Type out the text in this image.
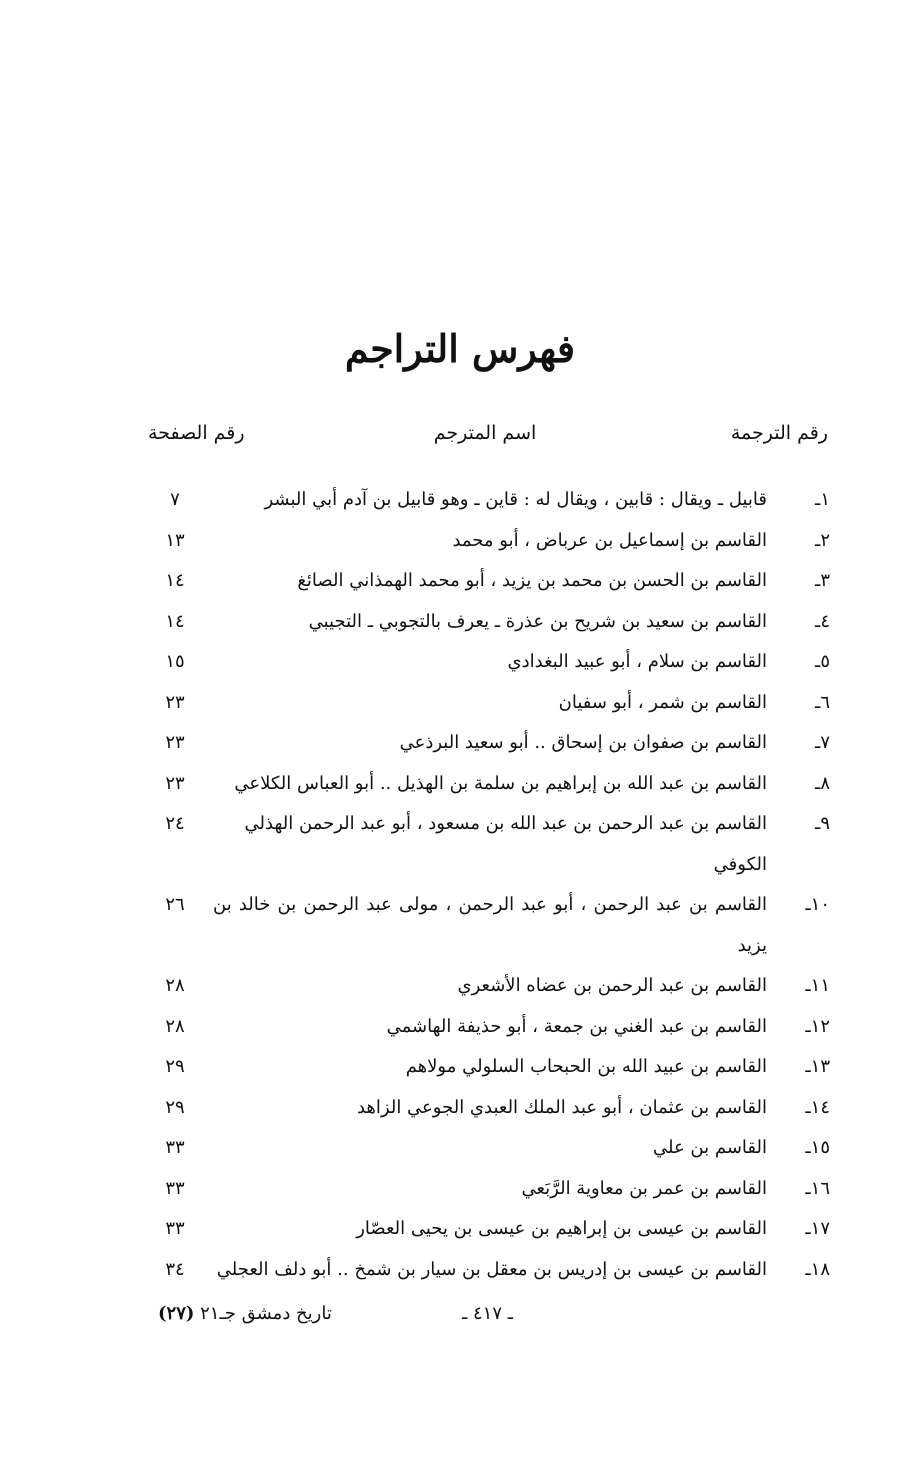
فهرس التراجم
رقم الترجمة
اسم المترجم
رقم الصفحة
١ـ
قابيل ـ ويقال : قابين ، ويقال له : قاين ـ وهو قابيل بن آدم أبي البشر
٧
٢ـ
القاسم بن إسماعيل بن عرباض ، أبو محمد
١٣
٣ـ
القاسم بن الحسن بن محمد بن يزيد ، أبو محمد الهمذاني الصائغ
١٤
٤ـ
القاسم بن سعيد بن شريح بن عذرة ـ يعرف بالتجوبي ـ التجيبي
١٤
٥ـ
القاسم بن سلام ، أبو عبيد البغدادي
١٥
٦ـ
القاسم بن شمر ، أبو سفيان
٢٣
٧ـ
القاسم بن صفوان بن إسحاق .. أبو سعيد البرذعي
٢٣
٨ـ
القاسم بن عبد الله بن إبراهيم بن سلمة بن الهذيل .. أبو العباس الكلاعي
٢٣
٩ـ
القاسم بن عبد الرحمن بن عبد الله بن مسعود ، أبو عبد الرحمن الهذلي الكوفي
٢٤
١٠ـ
القاسم بن عبد الرحمن ، أبو عبد الرحمن ، مولى عبد الرحمن بن خالد بن يزيد
٢٦
١١ـ
القاسم بن عبد الرحمن بن عضاه الأشعري
٢٨
١٢ـ
القاسم بن عبد الغني بن جمعة ، أبو حذيفة الهاشمي
٢٨
١٣ـ
القاسم بن عبيد الله بن الحبحاب السلولي مولاهم
٢٩
١٤ـ
القاسم بن عثمان ، أبو عبد الملك العبدي الجوعي الزاهد
٢٩
١٥ـ
القاسم بن علي
٣٣
١٦ـ
القاسم بن عمر بن معاوية الرَّبَعي
٣٣
١٧ـ
القاسم بن عيسى بن إبراهيم بن عيسى بن يحيى العصّار
٣٣
١٨ـ
القاسم بن عيسى بن إدريس بن معقل بن سيار بن شمخ .. أبو دلف العجلي
٣٤
ـ ٤١٧ ـ
تاريخ دمشق جـ٢١ (٢٧)
